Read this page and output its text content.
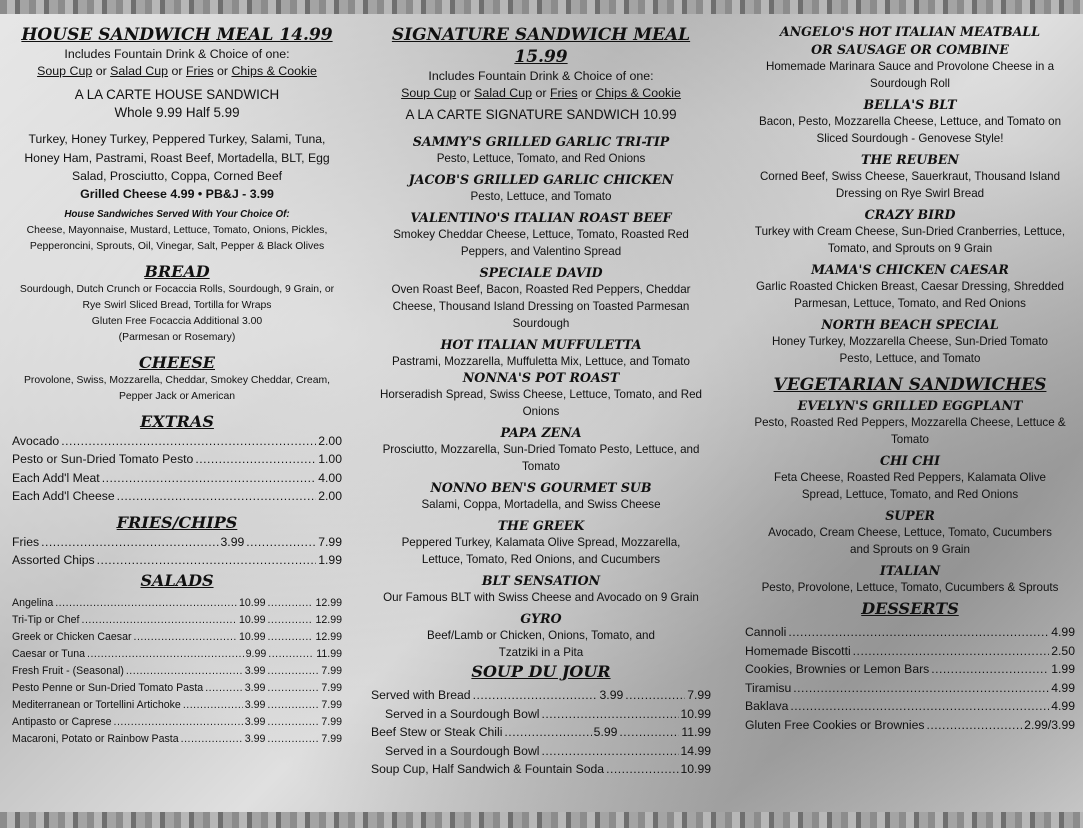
HOUSE SANDWICH MEAL 14.99
Includes Fountain Drink & Choice of one:
Soup Cup or Salad Cup or Fries or Chips & Cookie
A LA CARTE HOUSE SANDWICH
Whole 9.99 Half 5.99
Turkey, Honey Turkey, Peppered Turkey, Salami, Tuna, Honey Ham, Pastrami, Roast Beef, Mortadella, BLT, Egg Salad, Prosciutto, Coppa, Corned Beef
Grilled Cheese 4.99 • PB&J - 3.99
House Sandwiches Served With Your Choice Of:
Cheese, Mayonnaise, Mustard, Lettuce, Tomato, Onions, Pickles, Pepperoncini, Sprouts, Oil, Vinegar, Salt, Pepper & Black Olives
BREAD
Sourdough, Dutch Crunch or Focaccia Rolls, Sourdough, 9 Grain, or Rye Swirl Sliced Bread, Tortilla for Wraps
Gluten Free Focaccia Additional 3.00
(Parmesan or Rosemary)
CHEESE
Provolone, Swiss, Mozzarella, Cheddar, Smokey Cheddar, Cream, Pepper Jack or American
EXTRAS
Avocado .....	2.00
Pesto or Sun-Dried Tomato Pesto .....	1.00
Each Add'l Meat .....	4.00
Each Add'l Cheese .....	2.00
FRIES/CHIPS
Fries .....	3.99 .....	7.99
Assorted Chips .....	1.99
SALADS
Angelina .....	10.99 .....	12.99
Tri-Tip or Chef .....	10.99 .....	12.99
Greek or Chicken Caesar .....	10.99 .....	12.99
Caesar or Tuna .....	9.99 .....	11.99
Fresh Fruit - (Seasonal) .....	3.99 .....	7.99
Pesto Penne or Sun-Dried Tomato Pasta .....	3.99 .....	7.99
Mediterranean or Tortellini Artichoke .....	3.99 .....	7.99
Antipasto or Caprese .....	3.99 .....	7.99
Macaroni, Potato or Rainbow Pasta .....	3.99 .....	7.99
SIGNATURE SANDWICH MEAL 15.99
Includes Fountain Drink & Choice of one:
Soup Cup or Salad Cup or Fries or Chips & Cookie
A LA CARTE SIGNATURE SANDWICH 10.99
SAMMY'S GRILLED GARLIC TRI-TIP
Pesto, Lettuce, Tomato, and Red Onions
JACOB'S GRILLED GARLIC CHICKEN
Pesto, Lettuce, and Tomato
VALENTINO'S ITALIAN ROAST BEEF
Smokey Cheddar Cheese, Lettuce, Tomato, Roasted Red Peppers, and Valentino Spread
SPECIALE DAVID
Oven Roast Beef, Bacon, Roasted Red Peppers, Cheddar Cheese, Thousand Island Dressing on Toasted Parmesan Sourdough
HOT ITALIAN MUFFULETTA
Pastrami, Mozzarella, Muffuletta Mix, Lettuce, and Tomato
NONNA'S POT ROAST
Horseradish Spread, Swiss Cheese, Lettuce, Tomato, and Red Onions
PAPA ZENA
Prosciutto, Mozzarella, Sun-Dried Tomato Pesto, Lettuce, and Tomato
NONNO BEN'S GOURMET SUB
Salami, Coppa, Mortadella, and Swiss Cheese
THE GREEK
Peppered Turkey, Kalamata Olive Spread, Mozzarella, Lettuce, Tomato, Red Onions, and Cucumbers
BLT SENSATION
Our Famous BLT with Swiss Cheese and Avocado on 9 Grain
GYRO
Beef/Lamb or Chicken, Onions, Tomato, and Tzatziki in a Pita
SOUP DU JOUR
Served with Bread .....	3.99 .....	7.99
Served in a Sourdough Bowl .....	10.99
Beef Stew or Steak Chili .....	5.99 .....	11.99
Served in a Sourdough Bowl .....	14.99
Soup Cup, Half Sandwich & Fountain Soda .....	10.99
ANGELO'S HOT ITALIAN MEATBALL
OR SAUSAGE OR COMBINE
Homemade Marinara Sauce and Provolone Cheese in a Sourdough Roll
BELLA'S BLT
Bacon, Pesto, Mozzarella Cheese, Lettuce, and Tomato on Sliced Sourdough - Genovese Style!
THE REUBEN
Corned Beef, Swiss Cheese, Sauerkraut, Thousand Island Dressing on Rye Swirl Bread
CRAZY BIRD
Turkey with Cream Cheese, Sun-Dried Cranberries, Lettuce, Tomato, and Sprouts on 9 Grain
MAMA'S CHICKEN CAESAR
Garlic Roasted Chicken Breast, Caesar Dressing, Shredded Parmesan, Lettuce, Tomato, and Red Onions
NORTH BEACH SPECIAL
Honey Turkey, Mozzarella Cheese, Sun-Dried Tomato Pesto, Lettuce, and Tomato
VEGETARIAN SANDWICHES
EVELYN'S GRILLED EGGPLANT
Pesto, Roasted Red Peppers, Mozzarella Cheese, Lettuce & Tomato
CHI CHI
Feta Cheese, Roasted Red Peppers, Kalamata Olive Spread, Lettuce, Tomato, and Red Onions
SUPER
Avocado, Cream Cheese, Lettuce, Tomato, Cucumbers and Sprouts on 9 Grain
ITALIAN
Pesto, Provolone, Lettuce, Tomato, Cucumbers & Sprouts
DESSERTS
Cannoli .....	4.99
Homemade Biscotti .....	2.50
Cookies, Brownies or Lemon Bars .....	1.99
Tiramisu .....	4.99
Baklava .....	4.99
Gluten Free Cookies or Brownies .....	2.99/3.99
